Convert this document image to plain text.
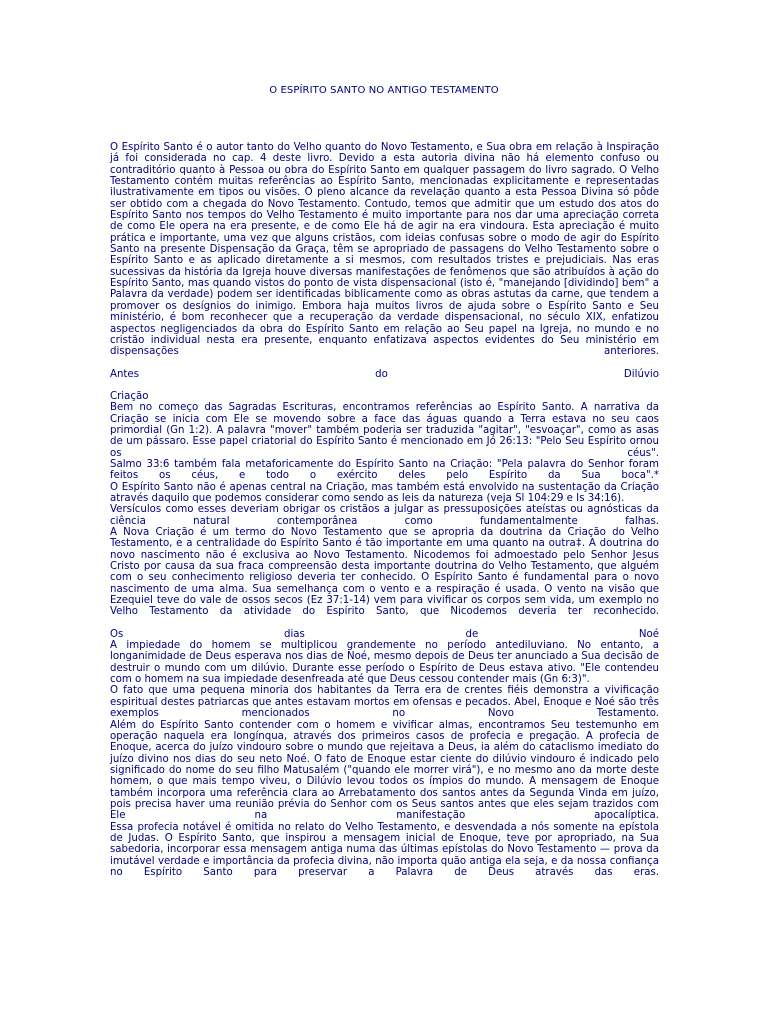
O ESPÍRITO SANTO NO ANTIGO TESTAMENTO

O Espírito Santo é o autor tanto do Velho quanto do Novo Testamento, e Sua obra em relação à Inspiração já foi considerada no cap. 4 deste livro. Devido a esta autoria divina não há elemento confuso ou contraditório quanto à Pessoa ou obra do Espírito Santo em qualquer passagem do livro sagrado. O Velho Testamento contém muitas referências ao Espírito Santo, mencionadas explicitamente e representadas ilustrativamente em tipos ou visões. O pleno alcance da revelação quanto a esta Pessoa Divina só pôde ser obtido com a chegada do Novo Testamento. Contudo, temos que admitir que um estudo dos atos do Espírito Santo nos tempos do Velho Testamento é muito importante para nos dar uma apreciação correta de como Ele opera na era presente, e de como Ele há de agir na era vindoura. Esta apreciação é muito prática e importante, uma vez que alguns cristãos, com ideias confusas sobre o modo de agir do Espírito Santo na presente Dispensação da Graça, têm se apropriado de passagens do Velho Testamento sobre o Espírito Santo e as aplicado diretamente a si mesmos, com resultados tristes e prejudiciais. Nas eras sucessivas da história da Igreja houve diversas manifestações de fenômenos que são atribuídos à ação do Espírito Santo, mas quando vistos do ponto de vista dispensacional (isto é, "manejando [dividindo] bem" a Palavra da verdade) podem ser identificadas biblicamente como as obras astutas da carne, que tendem a promover os desígnios do inimigo. Embora haja muitos livros de ajuda sobre o Espírito Santo e Seu ministério, é bom reconhecer que a recuperação da verdade dispensacional, no século XIX, enfatizou aspectos negligenciados da obra do Espírito Santo em relação ao Seu papel na Igreja, no mundo e no cristão individual nesta era presente, enquanto enfatizava aspectos evidentes do Seu ministério em dispensações anteriores.

Antes do Dilúvio

Criação

Bem no começo das Sagradas Escrituras, encontramos referências ao Espírito Santo. A narrativa da Criação se inicia com Ele se movendo sobre a face das águas quando a Terra estava no seu caos primordial (Gn 1:2). A palavra "mover" também poderia ser traduzida "agitar", "esvoaçar", como as asas de um pássaro. Esse papel criatorial do Espírito Santo é mencionado em Jó 26:13: "Pelo Seu Espírito ornou os céus".

Salmo 33:6 também fala metaforicamente do Espírito Santo na Criação: "Pela palavra do Senhor foram feitos os céus, e todo o exército deles pelo Espírito da Sua boca".*

O Espírito Santo não é apenas central na Criação, mas também está envolvido na sustentação da Criação através daquilo que podemos considerar como sendo as leis da natureza (veja Sl 104:29 e Is 34:16).

Versículos como esses deveriam obrigar os cristãos a julgar as pressuposições ateístas ou agnósticas da ciência natural contemporânea como fundamentalmente falhas.

A Nova Criação é um termo do Novo Testamento que se apropria da doutrina da Criação do Velho Testamento, e a centralidade do Espírito Santo é tão importante em uma quanto na outra‡. A doutrina do novo nascimento não é exclusiva ao Novo Testamento. Nicodemos foi admoestado pelo Senhor Jesus Cristo por causa da sua fraca compreensão desta importante doutrina do Velho Testamento, que alguém com o seu conhecimento religioso deveria ter conhecido. O Espírito Santo é fundamental para o novo nascimento de uma alma. Sua semelhança com o vento e a respiração é usada. O vento na visão que Ezequiel teve do vale de ossos secos (Ez 37:1-14) vem para vivificar os corpos sem vida, um exemplo no Velho Testamento da atividade do Espírito Santo, que Nicodemos deveria ter reconhecido.

Os dias de Noé

A impiedade do homem se multiplicou grandemente no período antediluviano. No entanto, a longanimidade de Deus esperava nos dias de Noé, mesmo depois de Deus ter anunciado a Sua decisão de destruir o mundo com um dilúvio. Durante esse período o Espírito de Deus estava ativo. "Ele contendeu com o homem na sua impiedade desenfreada até que Deus cessou contender mais (Gn 6:3)".

O fato que uma pequena minoria dos habitantes da Terra era de crentes fiéis demonstra a vivificação espiritual destes patriarcas que antes estavam mortos em ofensas e pecados. Abel, Enoque e Noé são três exemplos mencionados no Novo Testamento.

Além do Espírito Santo contender com o homem e vivificar almas, encontramos Seu testemunho em operação naquela era longínqua, através dos primeiros casos de profecia e pregação. A profecia de Enoque, acerca do juízo vindouro sobre o mundo que rejeitava a Deus, ia além do cataclismo imediato do juízo divino nos dias do seu neto Noé. O fato de Enoque estar ciente do dilúvio vindouro é indicado pelo significado do nome do seu filho Matusalém ("quando ele morrer virá"), e no mesmo ano da morte deste homem, o que mais tempo viveu, o Dilúvio levou todos os ímpios do mundo. A mensagem de Enoque também incorpora uma referência clara ao Arrebatamento dos santos antes da Segunda Vinda em juízo, pois precisa haver uma reunião prévia do Senhor com os Seus santos antes que eles sejam trazidos com Ele na manifestação apocalíptica.

Essa profecia notável é omitida no relato do Velho Testamento, e desvendada a nós somente na epístola de Judas. O Espírito Santo, que inspirou a mensagem inicial de Enoque, teve por apropriado, na Sua sabedoria, incorporar essa mensagem antiga numa das últimas epístolas do Novo Testamento — prova da imutável verdade e importância da profecia divina, não importa quão antiga ela seja, e da nossa confiança no Espírito Santo para preservar a Palavra de Deus através das eras.
